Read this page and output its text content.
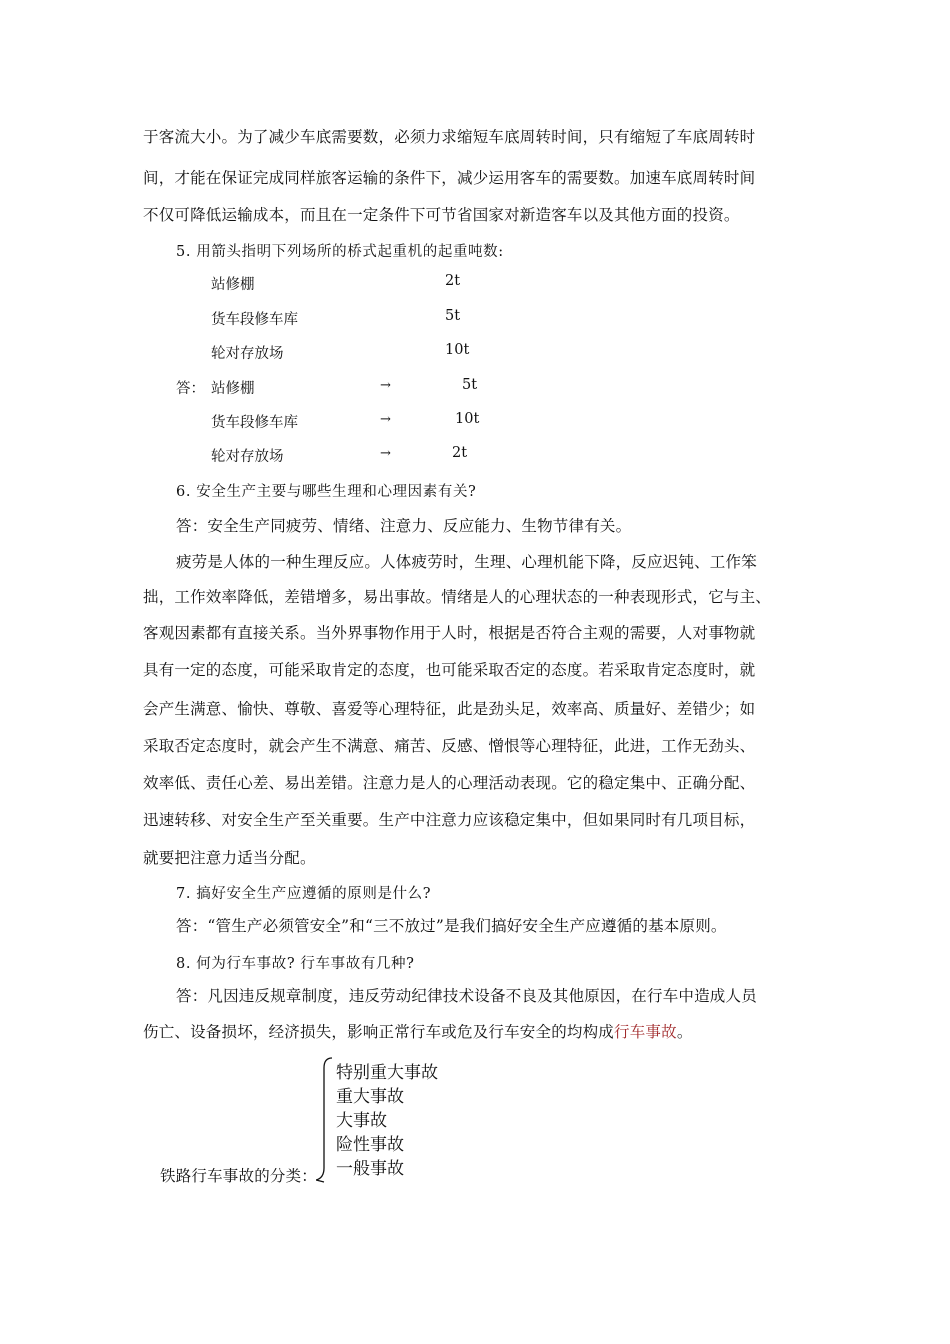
于客流大小。为了减少车底需要数，必须力求缩短车底周转时间，只有缩短了车底周转时
间，才能在保证完成同样旅客运输的条件下，减少运用客车的需要数。加速车底周转时间
不仅可降低运输成本，而且在一定条件下可节省国家对新造客车以及其他方面的投资。
5. 用箭头指明下列场所的桥式起重机的起重吨数:
站修棚	2t
货车段修车库	5t
轮对存放场	10t
答： 站修棚	→	5t
货车段修车库	→	10t
轮对存放场	→	2t
6. 安全生产主要与哪些生理和心理因素有关?
答：安全生产同疲劳、情绪、注意力、反应能力、生物节律有关。
疲劳是人体的一种生理反应。人体疲劳时，生理、心理机能下降，反应迟钝、工作笨
拙，工作效率降低，差错增多，易出事故。情绪是人的心理状态的一种表现形式，它与主、
客观因素都有直接关系。当外界事物作用于人时，根据是否符合主观的需要，人对事物就
具有一定的态度，可能采取肯定的态度，也可能采取否定的态度。若采取肯定态度时，就
会产生满意、愉快、尊敬、喜爱等心理特征，此是劲头足，效率高、质量好、差错少；如
采取否定态度时，就会产生不满意、痛苦、反感、憎恨等心理特征，此进，工作无劲头、
效率低、责任心差、易出差错。注意力是人的心理活动表现。它的稳定集中、正确分配、
迅速转移、对安全生产至关重要。生产中注意力应该稳定集中，但如果同时有几项目标，
就要把注意力适当分配。
7. 搞好安全生产应遵循的原则是什么?
答：“管生产必须管安全”和“三不放过”是我们搞好安全生产应遵循的基本原则。
8. 何为行车事故? 行车事故有几种?
答：凡因违反规章制度，违反劳动纪律技术设备不良及其他原因，在行车中造成人员
伤亡、设备损坏，经济损失，影响正常行车或危及行车安全的均构成行车事故。
铁路行车事故的分类：
特别重大事故
重大事故
大事故
险性事故
一般事故
